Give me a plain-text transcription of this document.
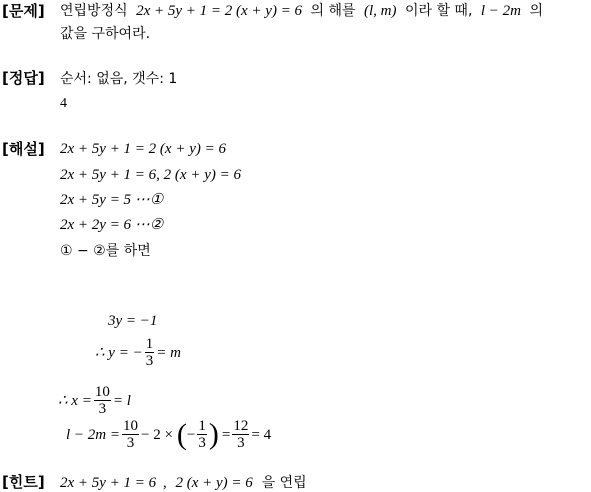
[문제] 연립방정식 2x + 5y + 1 = 2 (x + y) = 6 의 해를 (l, m) 이라 할 때, l − 2m 의
값을 구하여라.
[정답] 순서: 없음, 갯수: 1
4
[해설] 2x + 5y + 1 = 2 (x + y) = 6
2x + 5y + 1 = 6, 2 (x + y) = 6
2x + 5y = 5 ⋯①
2x + 2y = 6 ⋯②
① − ②를 하면
3y = −1
∴ y = − $\frac{1}{3} = m$
∴ $x = \frac{10}{3} = l$
$l - 2m = \frac{10}{3} - 2$ × (− $\frac{1}{3}$ ) = $\frac{12}{3} = 4$
[힌트] 2x + 5y + 1 = 6 , 2 (x + y) = 6 을 연립
